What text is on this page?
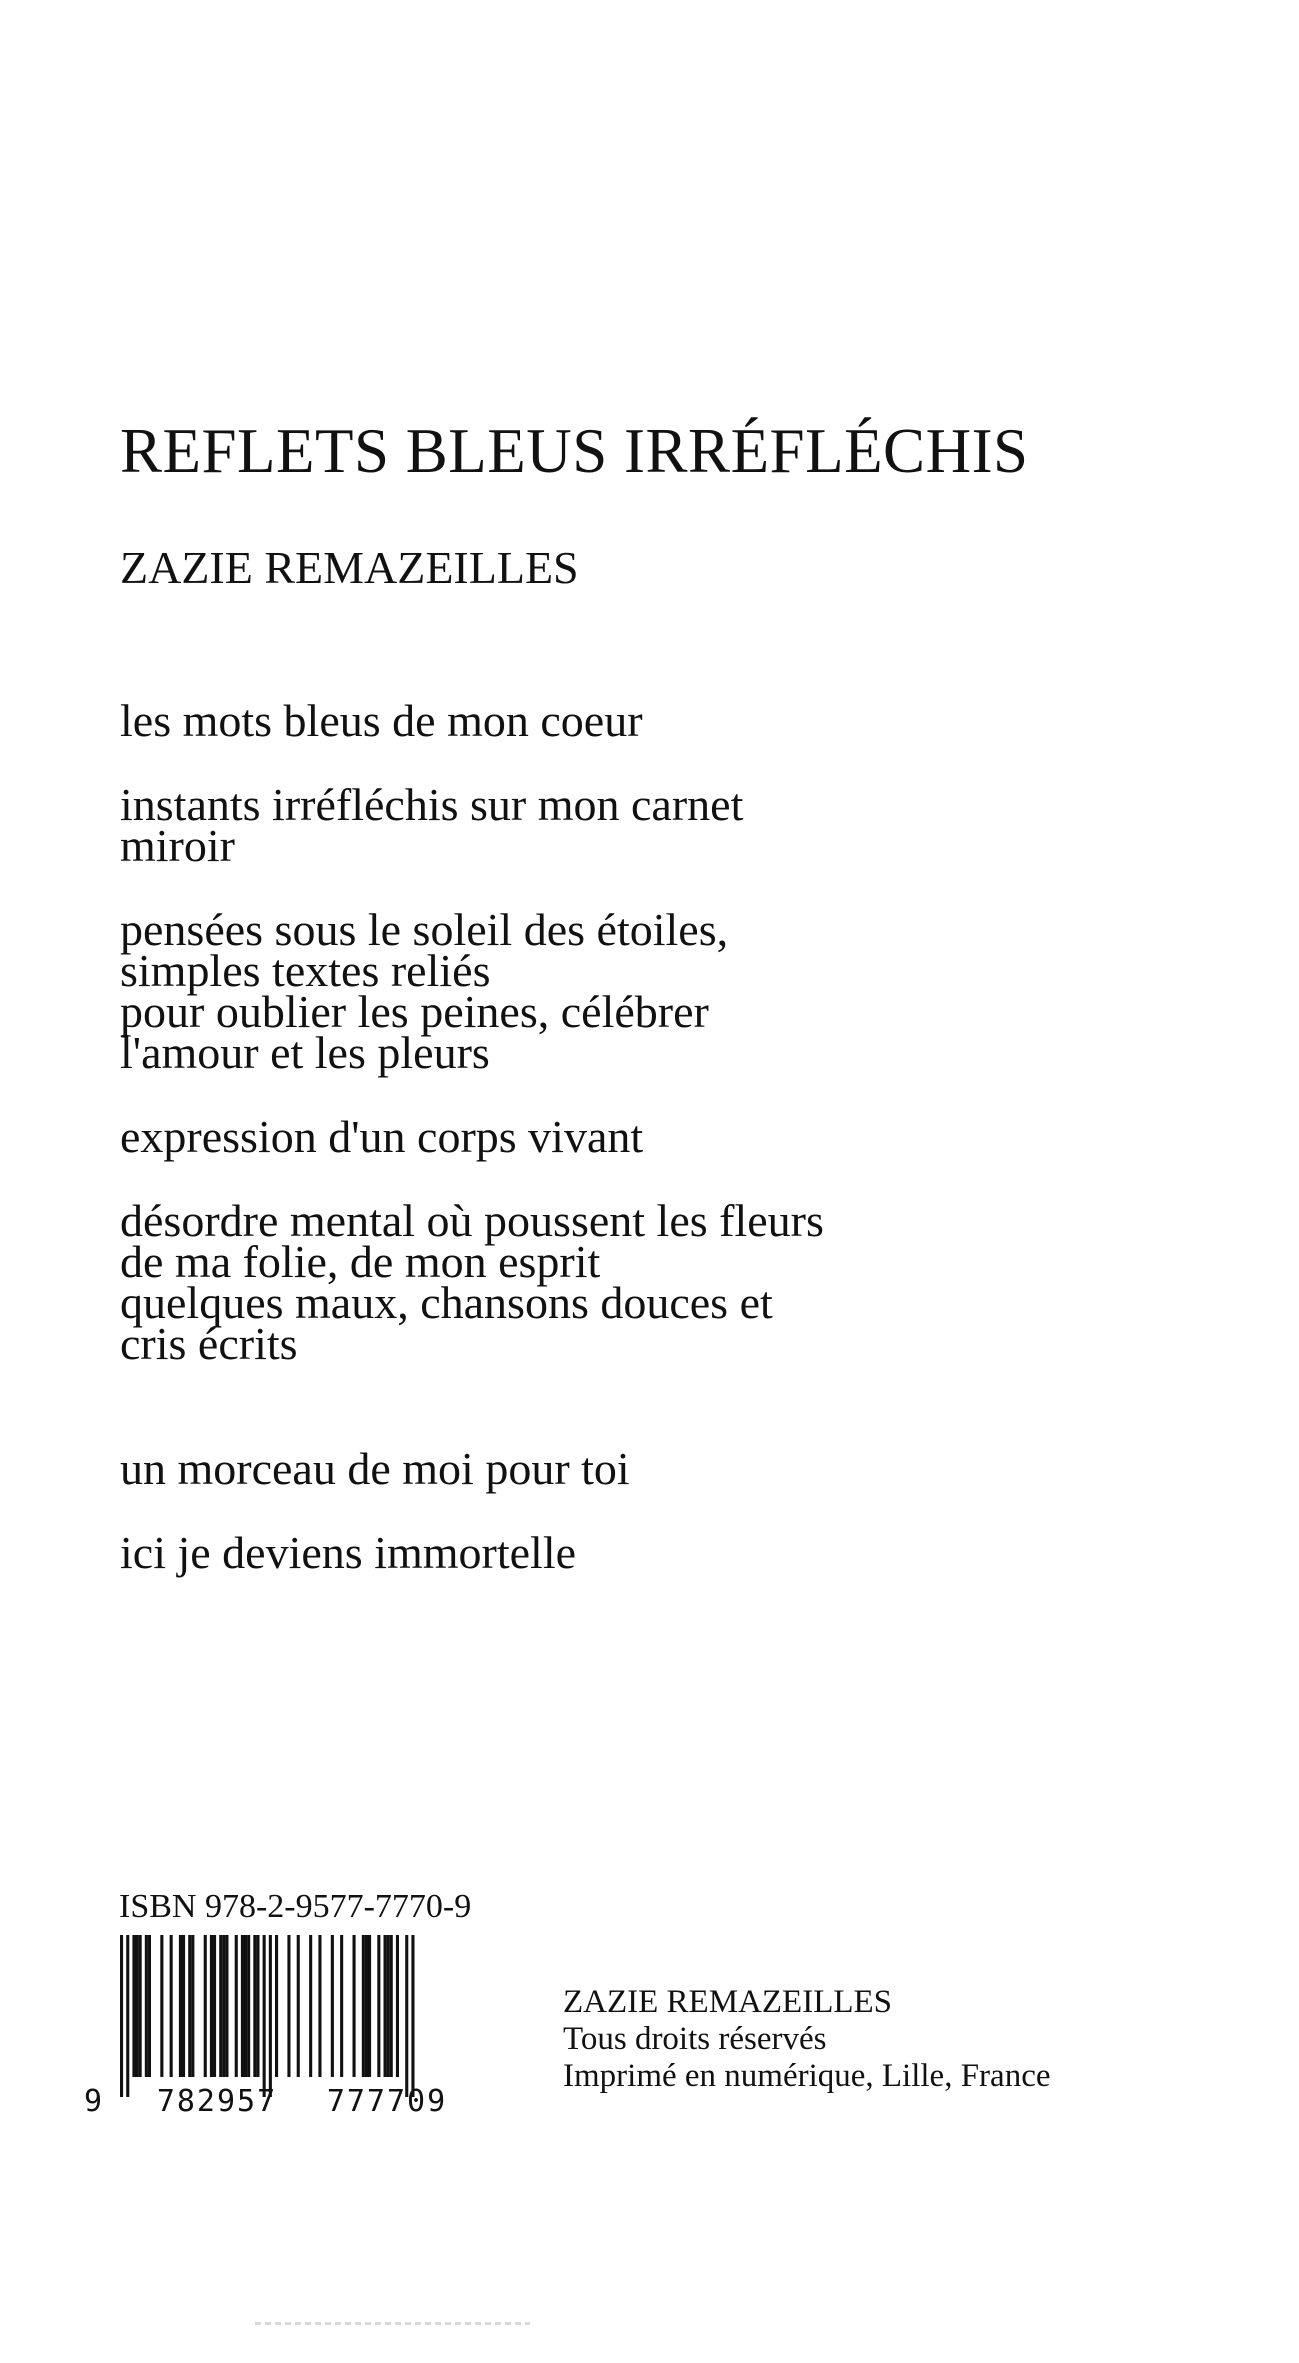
REFLETS BLEUS IRRÉFLÉCHIS
ZAZIE REMAZEILLES
les mots bleus de mon coeur
instants irréfléchis sur mon carnet
miroir
pensées sous le soleil des étoiles,
simples textes reliés
pour oublier les peines, célébrer
l'amour et les pleurs
expression d'un corps vivant
désordre mental où poussent les fleurs
de ma folie, de mon esprit
quelques maux, chansons douces et
cris écrits
un morceau de moi pour toi
ici je deviens immortelle
ISBN 978-2-9577-7770-9
9 782957 777709
ZAZIE REMAZEILLES
Tous droits réservés
Imprimé en numérique, Lille, France
